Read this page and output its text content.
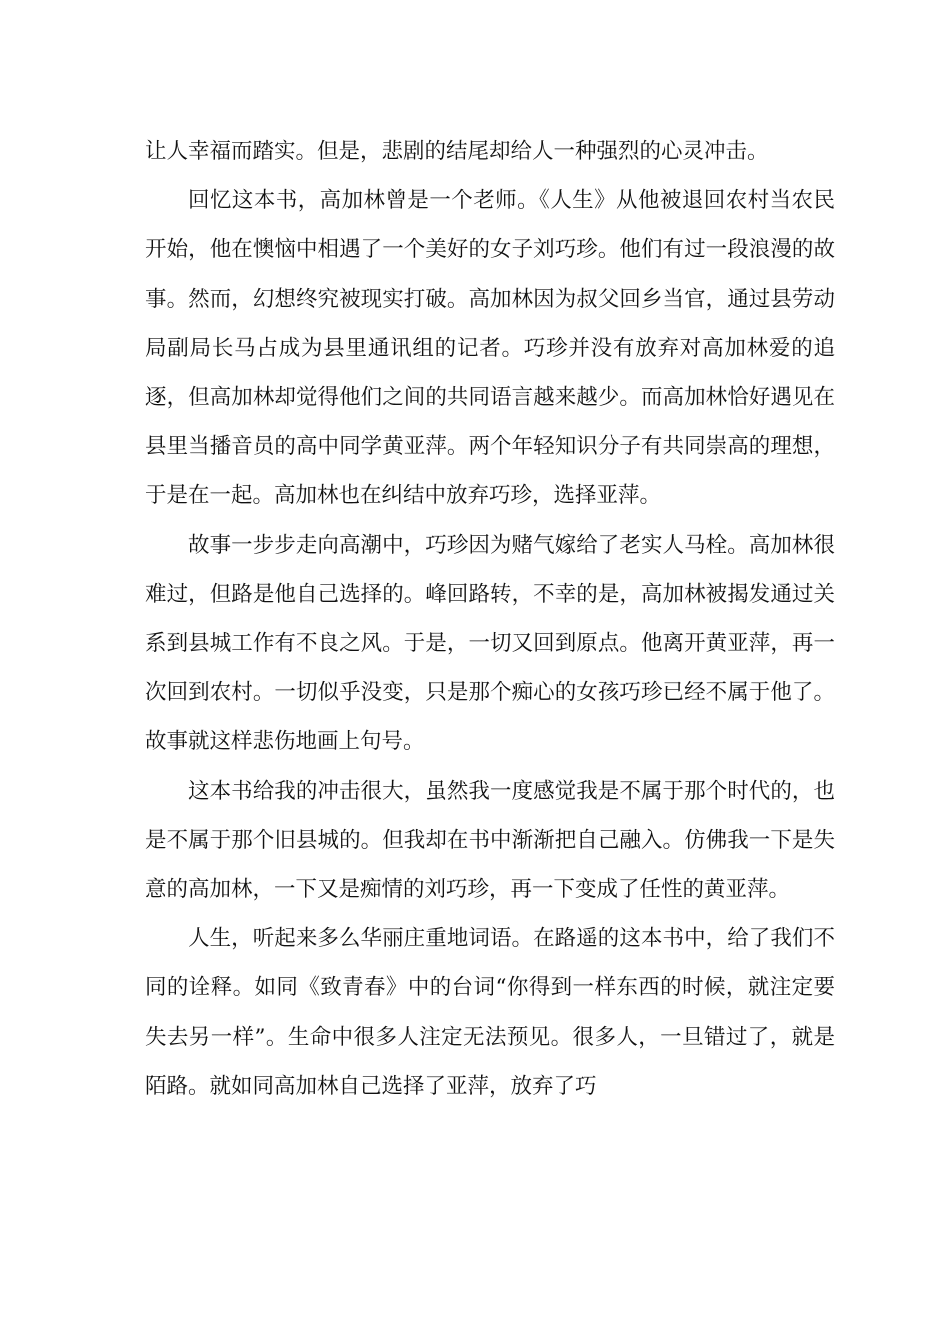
让人幸福而踏实。但是，悲剧的结尾却给人一种强烈的心灵冲击。

回忆这本书，高加林曾是一个老师。《人生》从他被退回农村当农民开始，他在懊恼中相遇了一个美好的女子刘巧珍。他们有过一段浪漫的故事。然而，幻想终究被现实打破。高加林因为叔父回乡当官，通过县劳动局副局长马占成为县里通讯组的记者。巧珍并没有放弃对高加林爱的追逐，但高加林却觉得他们之间的共同语言越来越少。而高加林恰好遇见在县里当播音员的高中同学黄亚萍。两个年轻知识分子有共同崇高的理想，于是在一起。高加林也在纠结中放弃巧珍，选择亚萍。

故事一步步走向高潮中，巧珍因为赌气嫁给了老实人马栓。高加林很难过，但路是他自己选择的。峰回路转，不幸的是，高加林被揭发通过关系到县城工作有不良之风。于是，一切又回到原点。他离开黄亚萍，再一次回到农村。一切似乎没变，只是那个痴心的女孩巧珍已经不属于他了。故事就这样悲伤地画上句号。

这本书给我的冲击很大，虽然我一度感觉我是不属于那个时代的，也是不属于那个旧县城的。但我却在书中渐渐把自己融入。仿佛我一下是失意的高加林，一下又是痴情的刘巧珍，再一下变成了任性的黄亚萍。

人生，听起来多么华丽庄重地词语。在路遥的这本书中，给了我们不同的诠释。如同《致青春》中的台词“你得到一样东西的时候，就注定要失去另一样”。生命中很多人注定无法预见。很多人，一旦错过了，就是陌路。就如同高加林自己选择了亚萍，放弃了巧
